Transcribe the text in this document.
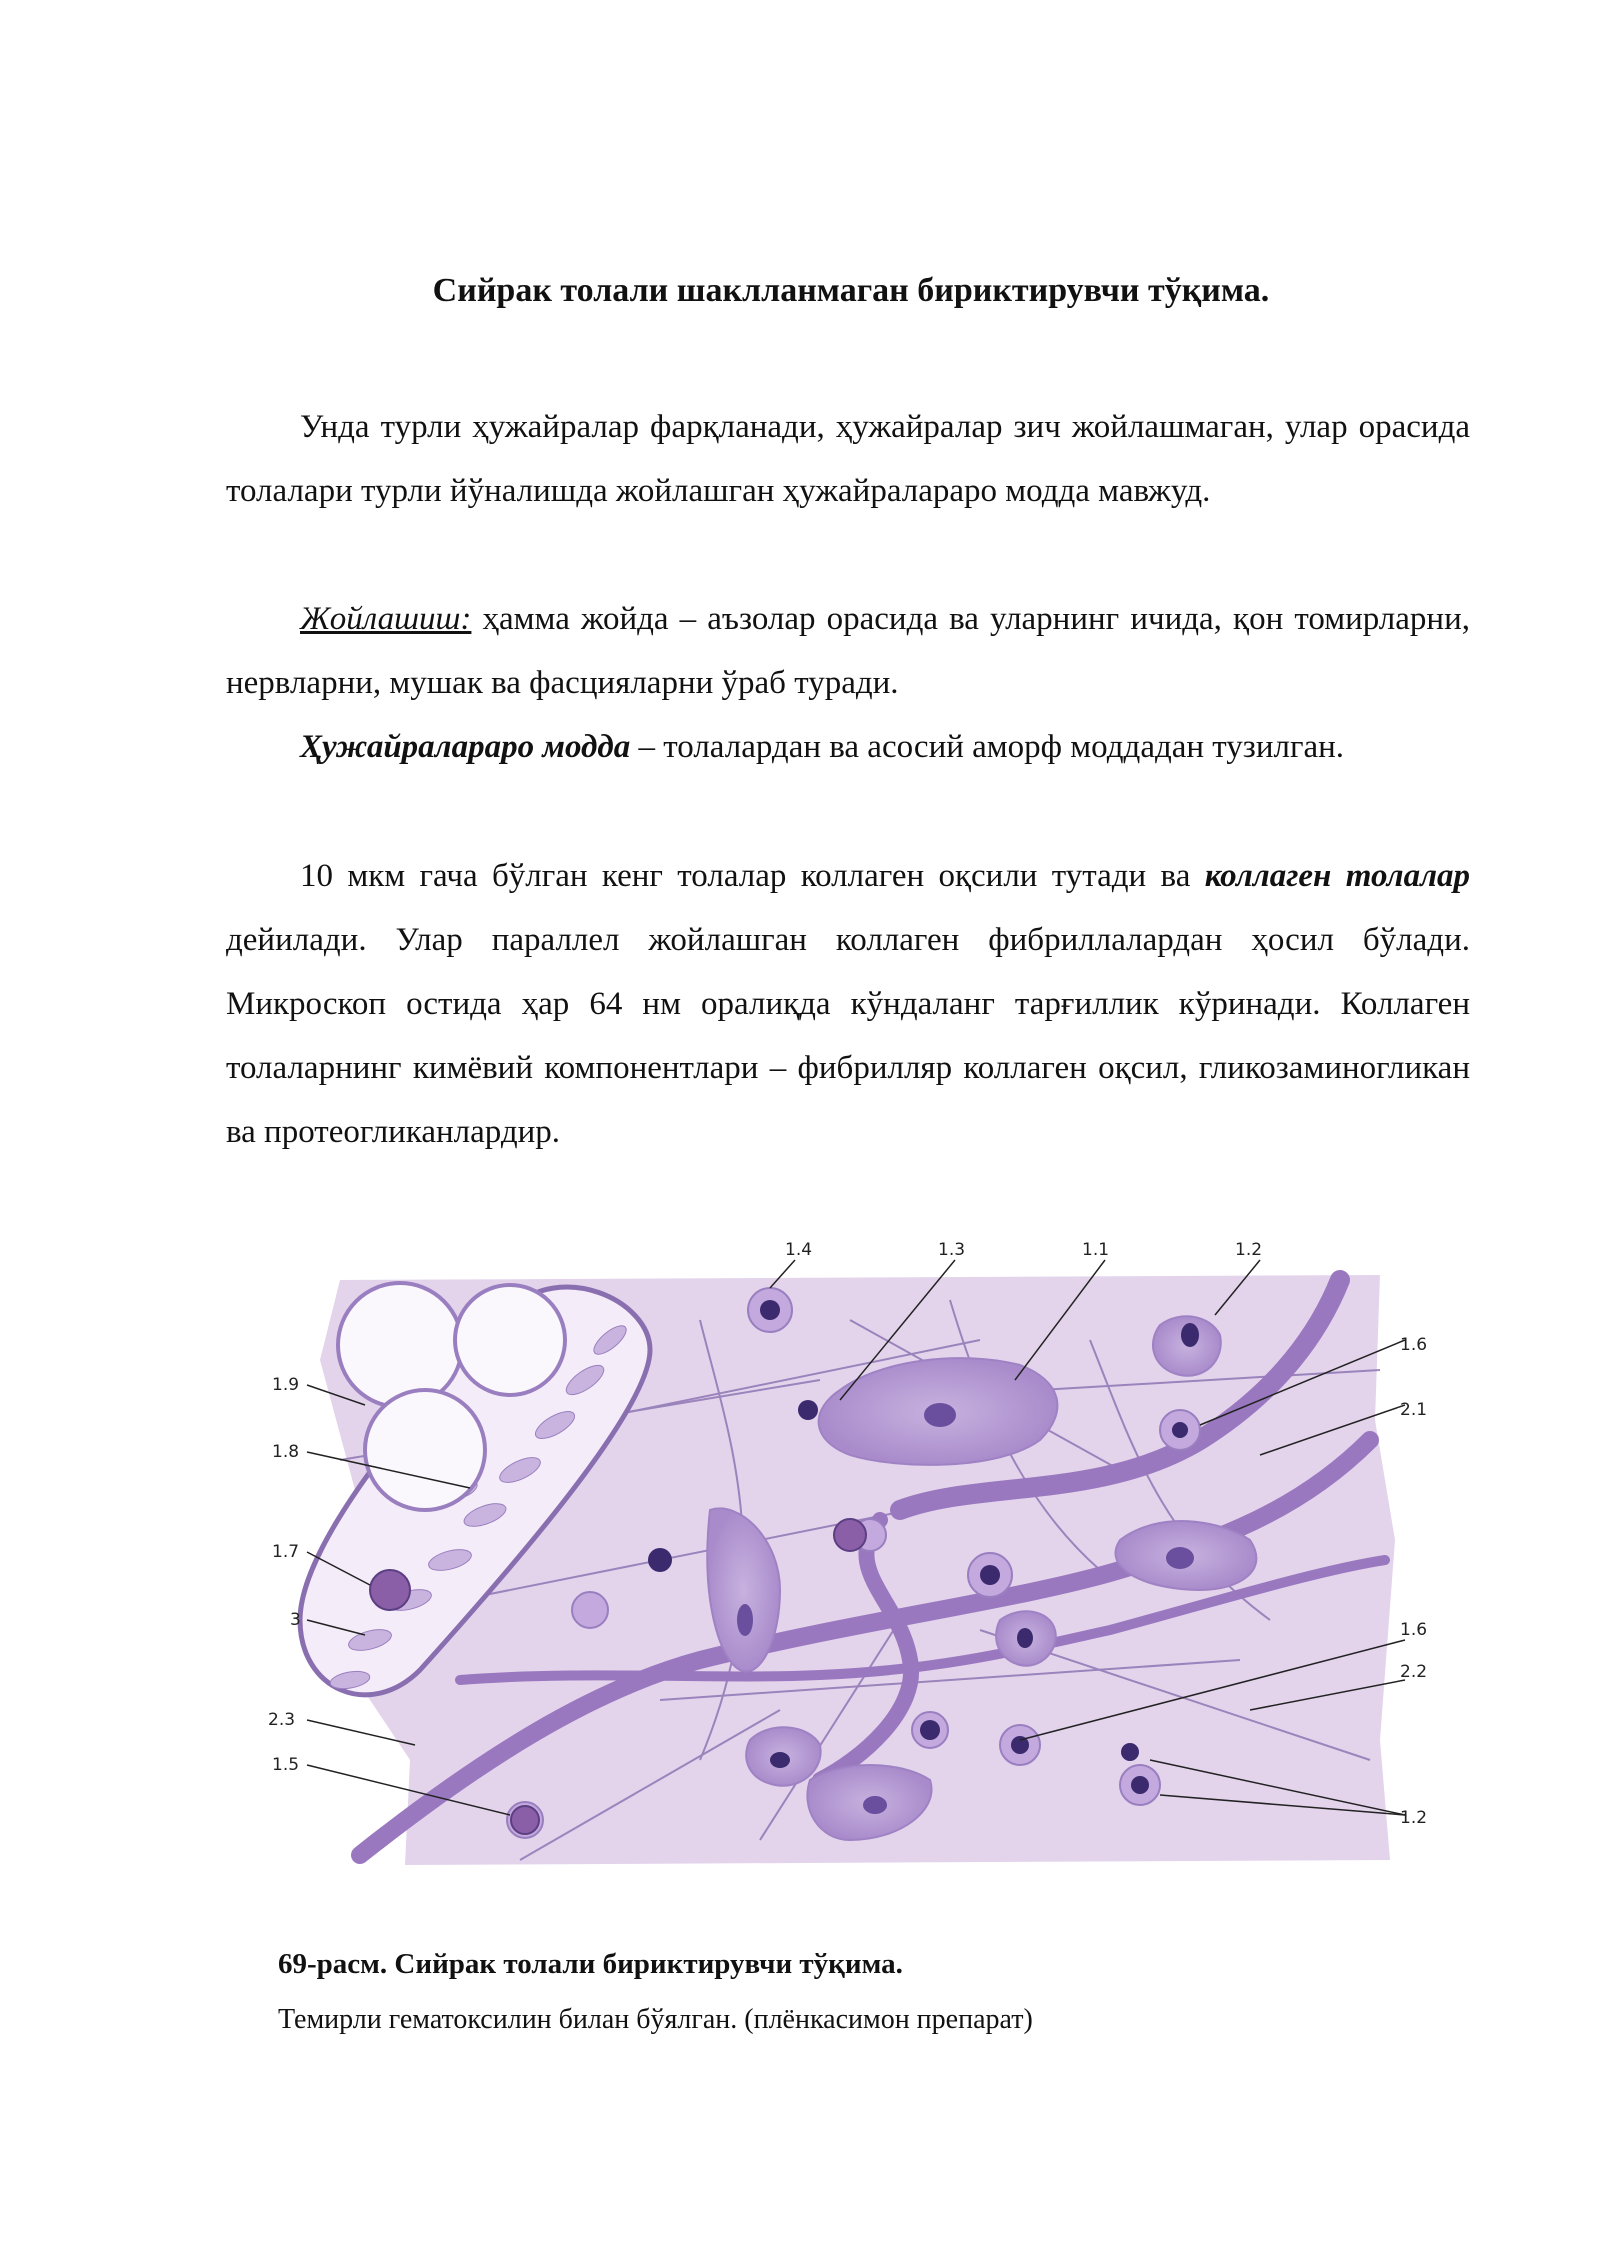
Сийрак толали шаклланмаган бириктирувчи тўқима.

Унда турли ҳужайралар фарқланади, ҳужайралар зич жойлашмаган, улар орасида толалари турли йўналишда жойлашган ҳужайралараро модда мавжуд.

Жойлашиш: ҳамма жойда – аъзолар орасида ва уларнинг ичида, қон томирларни, нервларни, мушак ва фасцияларни ўраб туради.

Ҳужайралараро модда – толалардан ва асосий аморф моддадан тузилган.

10 мкм гача бўлган кенг толалар коллаген оқсили тутади ва коллаген толалар дейилади. Улар параллел жойлашган коллаген фибриллалардан ҳосил бўлади. Микроскоп остида ҳар 64 нм оралиқда кўндаланг тарғиллик кўринади. Коллаген толаларнинг кимёвий компонентлари – фибрилляр коллаген оқсил, гликозаминогликан ва протеогликанлардир.

1.4	1.3	1.1	1.2
1.6
2.1
1.6
2.2
1.2
1.9
1.8
1.7
3
2.3
1.5

69-расм. Сийрак толали бириктирувчи тўқима.

Темирли гематоксилин билан бўялган. (плёнкасимон препарат)
